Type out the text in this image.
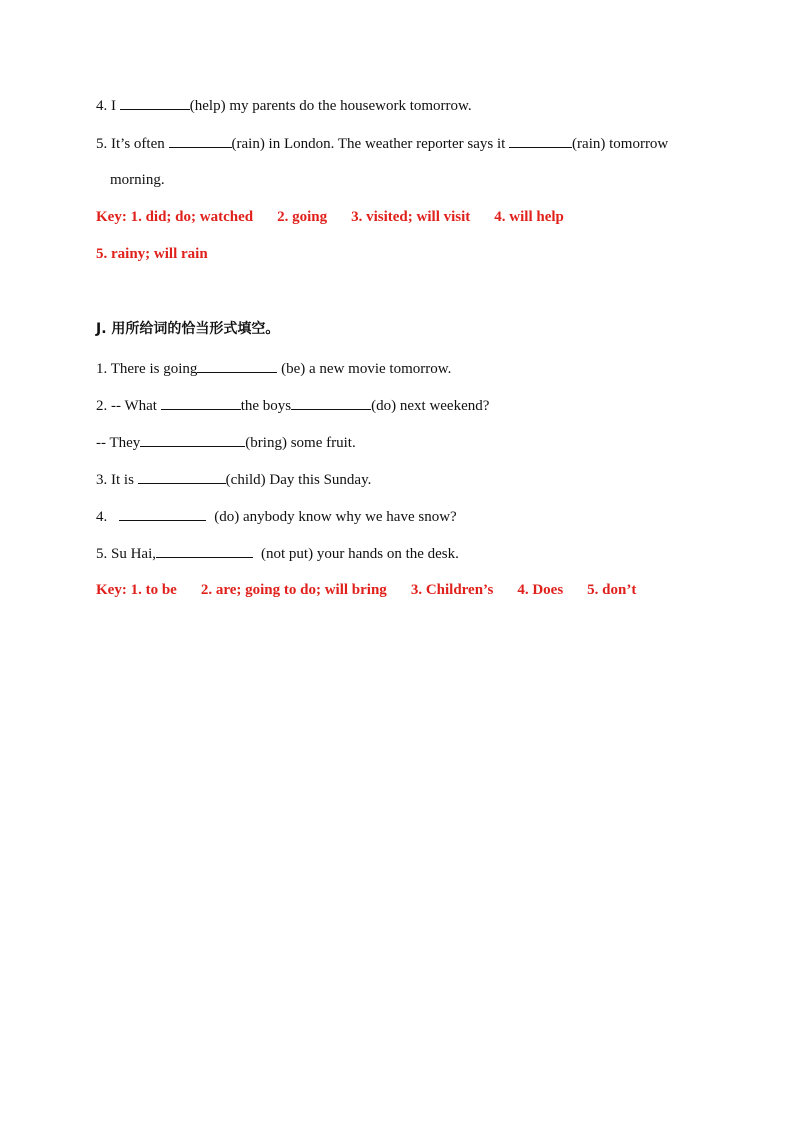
4. I	(help) my parents do the housework tomorrow.
5. It’s often	(rain) in London. The weather reporter says it	(rain) tomorrow
morning.
Key: 1. did; do; watched 2. going 3. visited; will visit 4. will help
5. rainy; will rain
J. 用所给词的恰当形式填空。
1. There is going	(be) a new movie tomorrow.
2. -- What	the boys	(do) next weekend?
-- They	(bring) some fruit.
3. It is	(child) Day this Sunday.
4.	(do) anybody know why we have snow?
5. Su Hai,	(not put) your hands on the desk.
Key: 1. to be 2. are; going to do; will bring 3. Children’s 4. Does 5. don’t
